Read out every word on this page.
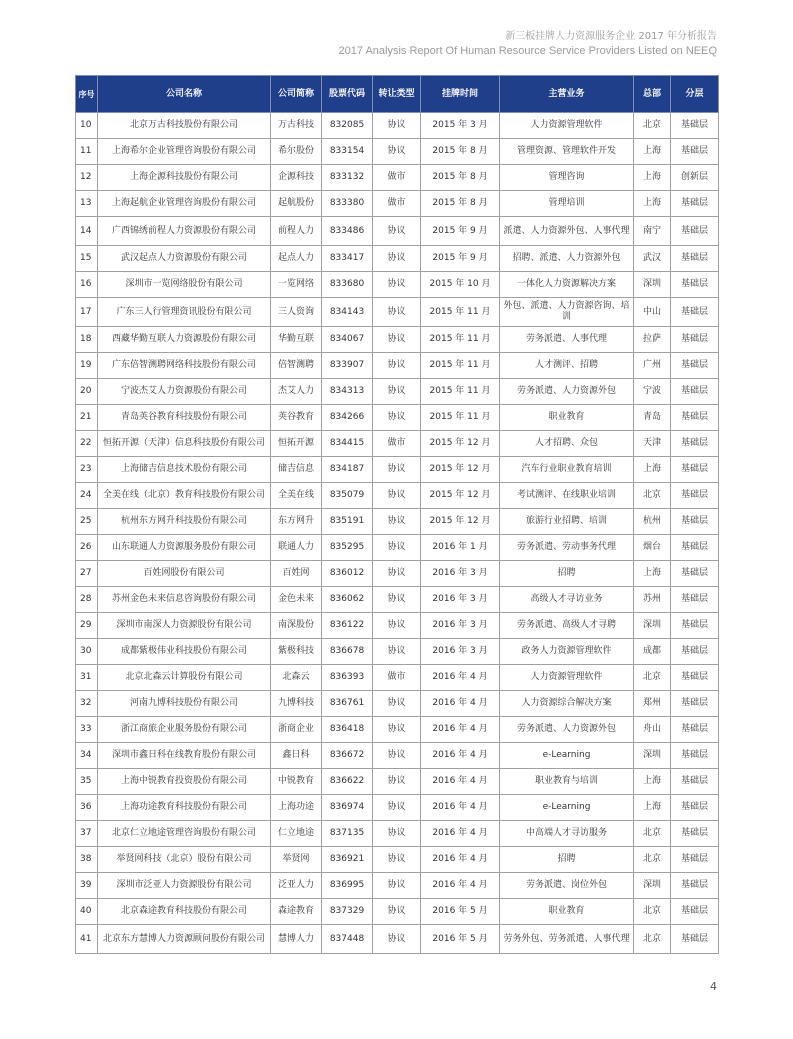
新三板挂牌人力资源服务企业 2017 年分析报告
2017 Analysis Report Of Human Resource Service Providers Listed on NEEQ
序号	公司名称	公司简称	股票代码	转让类型	挂牌时间	主营业务	总部	分层
10	北京万古科技股份有限公司	万古科技	832085	协议	2015 年 3 月	人力资源管理软件	北京	基础层
11	上海希尔企业管理咨询股份有限公司	希尔股份	833154	协议	2015 年 8 月	管理资源、管理软件开发	上海	基础层
12	上海企源科技股份有限公司	企源科技	833132	做市	2015 年 8 月	管理咨询	上海	创新层
13	上海起航企业管理咨询股份有限公司	起航股份	833380	做市	2015 年 8 月	管理培训	上海	基础层
14	广西锦绣前程人力资源股份有限公司	前程人力	833486	协议	2015 年 9 月	派遣、人力资源外包、人事代理	南宁	基础层
15	武汉起点人力资源股份有限公司	起点人力	833417	协议	2015 年 9 月	招聘、派遣、人力资源外包	武汉	基础层
16	深圳市一览网络股份有限公司	一览网络	833680	协议	2015 年 10 月	一体化人力资源解决方案	深圳	基础层
17	广东三人行管理资讯股份有限公司	三人资询	834143	协议	2015 年 11 月	外包、派遣、人力资源咨询、培训	中山	基础层
18	西藏华勤互联人力资源股份有限公司	华勤互联	834067	协议	2015 年 11 月	劳务派遣、人事代理	拉萨	基础层
19	广东倍智测聘网络科技股份有限公司	倍智测聘	833907	协议	2015 年 11 月	人才测评、招聘	广州	基础层
20	宁波杰艾人力资源股份有限公司	杰艾人力	834313	协议	2015 年 11 月	劳务派遣、人力资源外包	宁波	基础层
21	青岛英谷教育科技股份有限公司	英谷教育	834266	协议	2015 年 11 月	职业教育	青岛	基础层
22	恒拓开源（天津）信息科技股份有限公司	恒拓开源	834415	做市	2015 年 12 月	人才招聘、众包	天津	基础层
23	上海储吉信息技术股份有限公司	储吉信息	834187	协议	2015 年 12 月	汽车行业职业教育培训	上海	基础层
24	全美在线（北京）教育科技股份有限公司	全美在线	835079	协议	2015 年 12 月	考试测评、在线职业培训	北京	基础层
25	杭州东方网升科技股份有限公司	东方网升	835191	协议	2015 年 12 月	旅游行业招聘、培训	杭州	基础层
26	山东联通人力资源服务股份有限公司	联通人力	835295	协议	2016 年 1 月	劳务派遣、劳动事务代理	烟台	基础层
27	百姓网股份有限公司	百姓网	836012	协议	2016 年 3 月	招聘	上海	基础层
28	苏州金色未来信息咨询股份有限公司	金色未来	836062	协议	2016 年 3 月	高级人才寻访业务	苏州	基础层
29	深圳市南深人力资源股份有限公司	南深股份	836122	协议	2016 年 3 月	劳务派遣、高级人才寻聘	深圳	基础层
30	成都紫极伟业科技股份有限公司	紫极科技	836678	协议	2016 年 3 月	政务人力资源管理软件	成都	基础层
31	北京北森云计算股份有限公司	北森云	836393	做市	2016 年 4 月	人力资源管理软件	北京	基础层
32	河南九博科技股份有限公司	九博科技	836761	协议	2016 年 4 月	人力资源综合解决方案	郑州	基础层
33	浙江商旅企业服务股份有限公司	浙商企业	836418	协议	2016 年 4 月	劳务派遣、人力资源外包	舟山	基础层
34	深圳市鑫日科在线教育股份有限公司	鑫日科	836672	协议	2016 年 4 月	e-Learning	深圳	基础层
35	上海中锐教育投资股份有限公司	中锐教育	836622	协议	2016 年 4 月	职业教育与培训	上海	基础层
36	上海功途教育科技股份有限公司	上海功途	836974	协议	2016 年 4 月	e-Learning	上海	基础层
37	北京仁立地途管理咨询股份有限公司	仁立地途	837135	协议	2016 年 4 月	中高端人才寻访服务	北京	基础层
38	举贤网科技（北京）股份有限公司	举贤网	836921	协议	2016 年 4 月	招聘	北京	基础层
39	深圳市泛亚人力资源股份有限公司	泛亚人力	836995	协议	2016 年 4 月	劳务派遣、岗位外包	深圳	基础层
40	北京森途教育科技股份有限公司	森途教育	837329	协议	2016 年 5 月	职业教育	北京	基础层
41	北京东方慧博人力资源顾问股份有限公司	慧博人力	837448	协议	2016 年 5 月	劳务外包、劳务派遣、人事代理	北京	基础层
4
